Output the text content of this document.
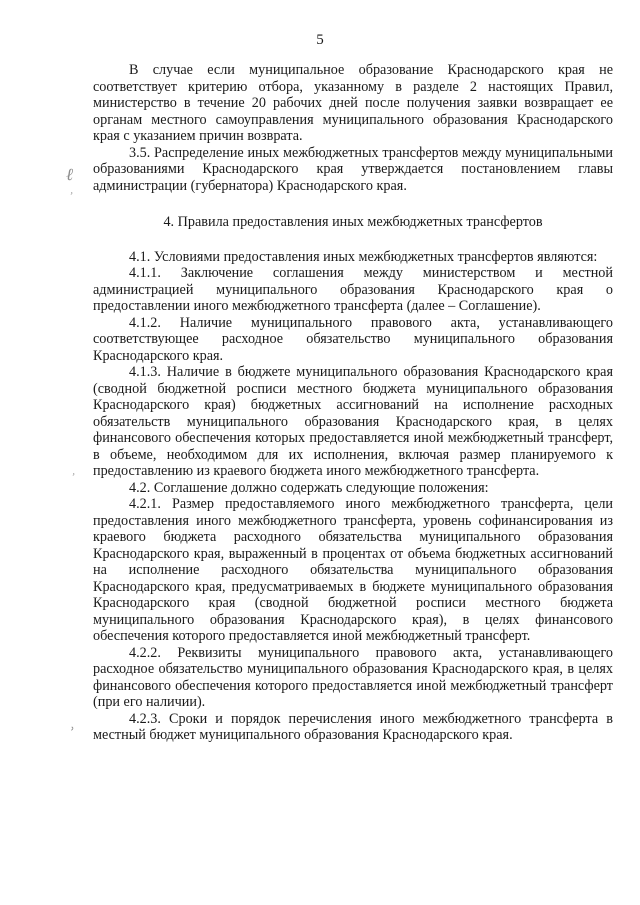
5
ℓ
˒
˒
˒

В случае если муниципальное образование Краснодарского края не соответствует критерию отбора, указанному в разделе 2 настоящих Правил, министерство в течение 20 рабочих дней после получения заявки возвращает ее органам местного самоуправления муниципального образования Краснодарского края с указанием причин возврата.

3.5. Распределение иных межбюджетных трансфертов между муниципальными образованиями Краснодарского края утверждается постановлением главы администрации (губернатора) Краснодарского края.

4. Правила предоставления иных межбюджетных трансфертов

4.1. Условиями предоставления иных межбюджетных трансфертов являются:

4.1.1. Заключение соглашения между министерством и местной администрацией муниципального образования Краснодарского края о предоставлении иного межбюджетного трансферта (далее – Соглашение).

4.1.2. Наличие муниципального правового акта, устанавливающего соответствующее расходное обязательство муниципального образования Краснодарского края.

4.1.3. Наличие в бюджете муниципального образования Краснодарского края (сводной бюджетной росписи местного бюджета муниципального образования Краснодарского края) бюджетных ассигнований на исполнение расходных обязательств муниципального образования Краснодарского края, в целях финансового обеспечения которых предоставляется иной межбюджетный трансферт, в объеме, необходимом для их исполнения, включая размер планируемого к предоставлению из краевого бюджета иного межбюджетного трансферта.

4.2. Соглашение должно содержать следующие положения:

4.2.1. Размер предоставляемого иного межбюджетного трансферта, цели предоставления иного межбюджетного трансферта, уровень софинансирования из краевого бюджета расходного обязательства муниципального образования Краснодарского края, выраженный в процентах от объема бюджетных ассигнований на исполнение расходного обязательства муниципального образования Краснодарского края, предусматриваемых в бюджете муниципального образования Краснодарского края (сводной бюджетной росписи местного бюджета муниципального образования Краснодарского края), в целях финансового обеспечения которого предоставляется иной межбюджетный трансферт.

4.2.2. Реквизиты муниципального правового акта, устанавливающего расходное обязательство муниципального образования Краснодарского края, в целях финансового обеспечения которого предоставляется иной межбюджетный трансферт (при его наличии).

4.2.3. Сроки и порядок перечисления иного межбюджетного трансферта в местный бюджет муниципального образования Краснодарского края.
